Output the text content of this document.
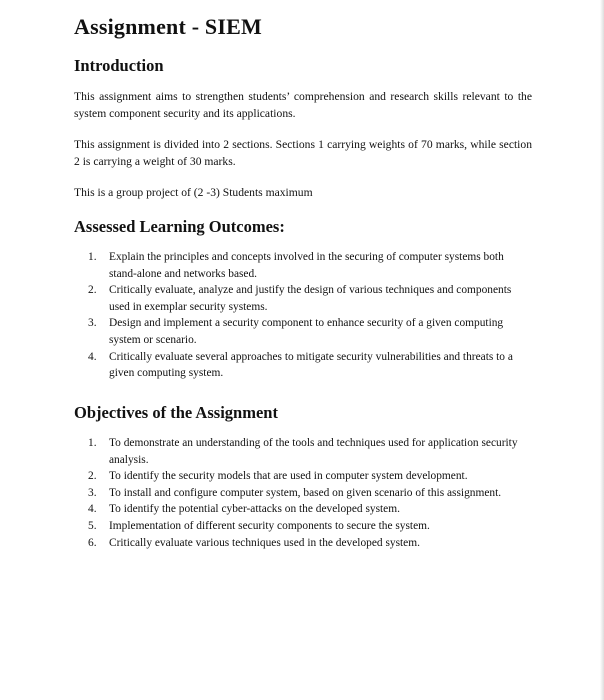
Assignment - SIEM
Introduction
This assignment aims to strengthen students’ comprehension and research skills relevant to the system component security and its applications.
This assignment is divided into 2 sections. Sections 1 carrying weights of 70 marks, while section 2 is carrying a weight of 30 marks.
This is a group project of (2 -3) Students maximum
Assessed Learning Outcomes:
1. Explain the principles and concepts involved in the securing of computer systems both stand-alone and networks based.
2. Critically evaluate, analyze and justify the design of various techniques and components used in exemplar security systems.
3. Design and implement a security component to enhance security of a given computing system or scenario.
4. Critically evaluate several approaches to mitigate security vulnerabilities and threats to a given computing system.
Objectives of the Assignment
1. To demonstrate an understanding of the tools and techniques used for application security analysis.
2. To identify the security models that are used in computer system development.
3. To install and configure computer system, based on given scenario of this assignment.
4. To identify the potential cyber-attacks on the developed system.
5. Implementation of different security components to secure the system.
6. Critically evaluate various techniques used in the developed system.
